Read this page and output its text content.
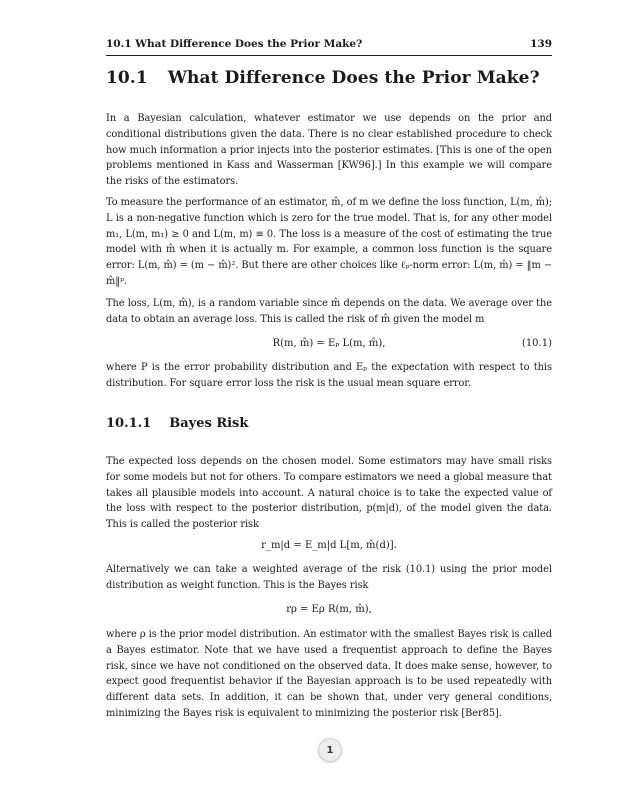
10.1 What Difference Does the Prior Make?	139
10.1 What Difference Does the Prior Make?

In a Bayesian calculation, whatever estimator we use depends on the prior and conditional distributions given the data. There is no clear established procedure to check how much information a prior injects into the posterior estimates. [This is one of the open problems mentioned in Kass and Wasserman [KW96].] In this example we will compare the risks of the estimators.

To measure the performance of an estimator, m̂, of m we define the loss function, L(m, m̂); L is a non-negative function which is zero for the true model. That is, for any other model m₁, L(m, m₁) ≥ 0 and L(m, m) ≡ 0. The loss is a measure of the cost of estimating the true model with m̂ when it is actually m. For example, a common loss function is the square error: L(m, m̂) = (m − m̂)². But there are other choices like ℓₚ-norm error: L(m, m̂) = ‖m − m̂‖ᵖ.

The loss, L(m, m̂), is a random variable since m̂ depends on the data. We average over the data to obtain an average loss. This is called the risk of m̂ given the model m

R(m, m̂) = Eₚ L(m, m̂),	(10.1)

where P is the error probability distribution and Eₚ the expectation with respect to this distribution. For square error loss the risk is the usual mean square error.

10.1.1 Bayes Risk

The expected loss depends on the chosen model. Some estimators may have small risks for some models but not for others. To compare estimators we need a global measure that takes all plausible models into account. A natural choice is to take the expected value of the loss with respect to the posterior distribution, p(m|d), of the model given the data. This is called the posterior risk

r_m|d = E_m|d L[m, m̂(d)].

Alternatively we can take a weighted average of the risk (10.1) using the prior model distribution as weight function. This is the Bayes risk

rρ = Eρ R(m, m̂),

where ρ is the prior model distribution. An estimator with the smallest Bayes risk is called a Bayes estimator. Note that we have used a frequentist approach to define the Bayes risk, since we have not conditioned on the observed data. It does make sense, however, to expect good frequentist behavior if the Bayesian approach is to be used repeatedly with different data sets. In addition, it can be shown that, under very general conditions, minimizing the Bayes risk is equivalent to minimizing the posterior risk [Ber85].

1
